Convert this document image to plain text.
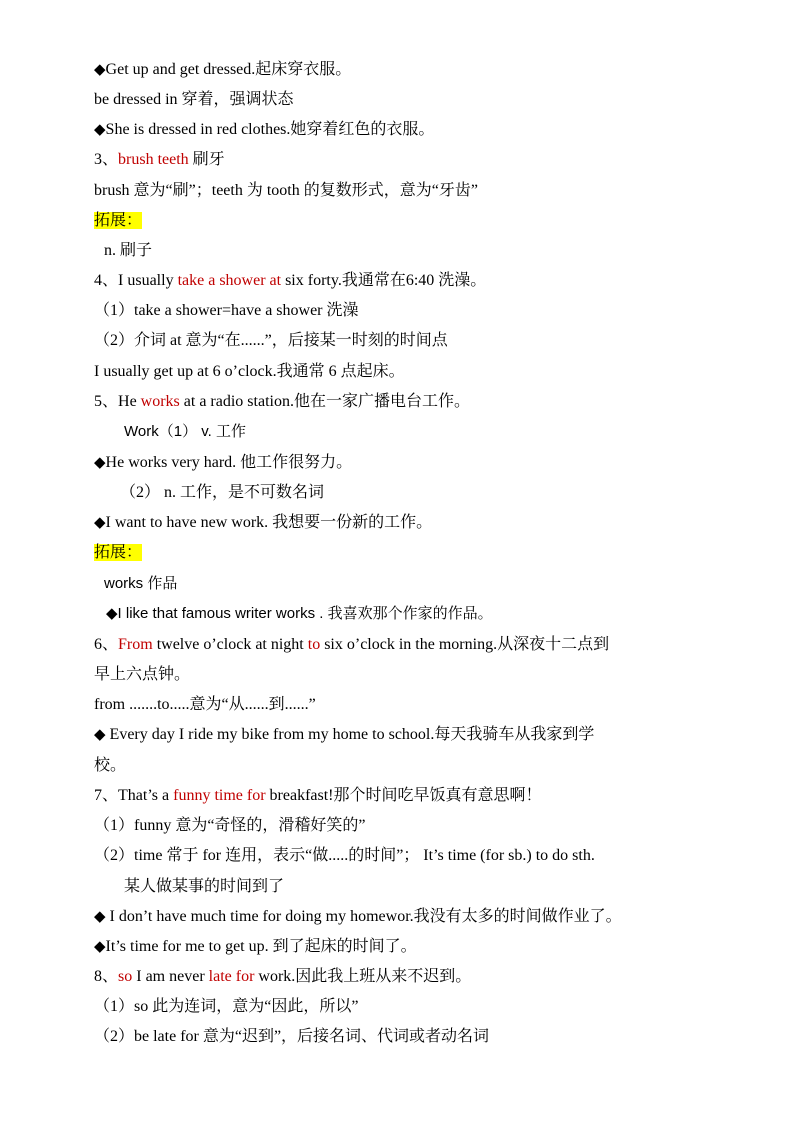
◆Get up and get dressed.起床穿衣服。
be dressed in 穿着，强调状态
◆She is dressed in red clothes.她穿着红色的衣服。
3、brush teeth 刷牙
brush 意为“刷”；teeth 为 tooth 的复数形式，意为“牙齿”
拓展：
n. 刷子
4、I usually take a shower at six forty.我通常在6:40 洗澡。
（1）take a shower=have a shower 洗澡
（2）介词 at 意为“在......”，后接某一时刻的时间点
I usually get up at 6 o’clock.我通常 6 点起床。
5、He works at a radio station.他在一家广播电台工作。
Work（1） v. 工作
◆He works very hard. 他工作很努力。
（2） n. 工作，是不可数名词
◆I want to have new work. 我想要一份新的工作。
拓展：
works 作品
◆I like that famous writer works . 我喜欢那个作家的作品。
6、From twelve o’clock at night to six o’clock in the morning.从深夜十二点到
早上六点钟。
from .......to.....意为“从......到......”
◆ Every day I ride my bike from my home to school.每天我骑车从我家到学
校。
7、That’s a funny time for breakfast!那个时间吃早饭真有意思啊！
（1）funny 意为“奇怪的，滑稽好笑的”
（2）time 常于 for 连用，表示“做.....的时间”； It’s time (for sb.) to do sth.
某人做某事的时间到了
◆ I don’t have much time for doing my homewor.我没有太多的时间做作业了。
◆It’s time for me to get up. 到了起床的时间了。
8、so I am never late for work.因此我上班从来不迟到。
（1）so 此为连词，意为“因此，所以”
（2）be late for 意为“迟到”，后接名词、代词或者动名词
